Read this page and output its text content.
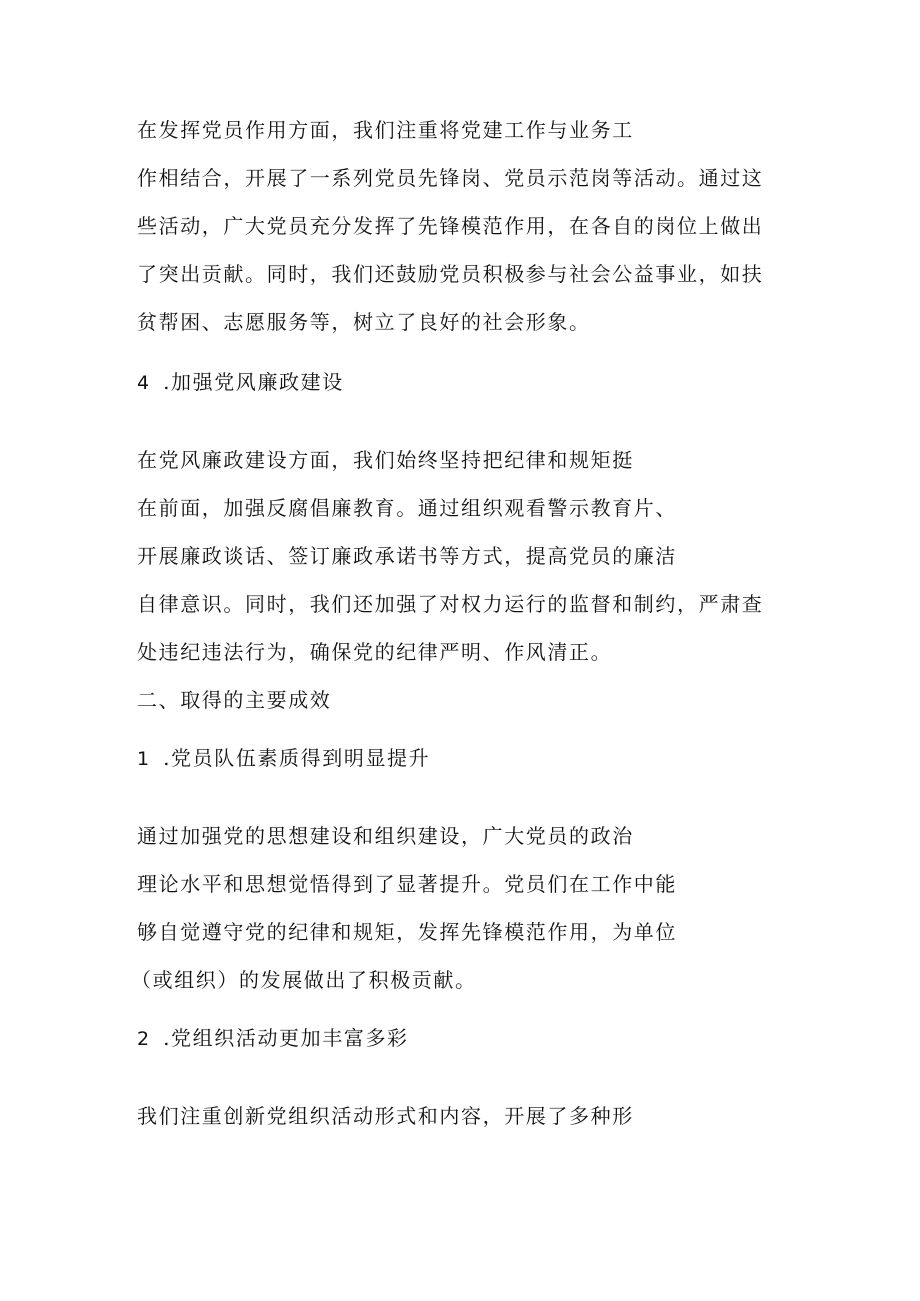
在发挥党员作用方面，我们注重将党建工作与业务工
作相结合，开展了一系列党员先锋岗、党员示范岗等活动。通过这
些活动，广大党员充分发挥了先锋模范作用，在各自的岗位上做出
了突出贡献。同时，我们还鼓励党员积极参与社会公益事业，如扶
贫帮困、志愿服务等，树立了良好的社会形象。
4 .加强党风廉政建设
在党风廉政建设方面，我们始终坚持把纪律和规矩挺
在前面，加强反腐倡廉教育。通过组织观看警示教育片、
开展廉政谈话、签订廉政承诺书等方式，提高党员的廉洁
自律意识。同时，我们还加强了对权力运行的监督和制约，严肃查
处违纪违法行为，确保党的纪律严明、作风清正。
二、取得的主要成效
1 .党员队伍素质得到明显提升
通过加强党的思想建设和组织建设，广大党员的政治
理论水平和思想觉悟得到了显著提升。党员们在工作中能
够自觉遵守党的纪律和规矩，发挥先锋模范作用，为单位
（或组织）的发展做出了积极贡献。
2 .党组织活动更加丰富多彩
我们注重创新党组织活动形式和内容，开展了多种形
